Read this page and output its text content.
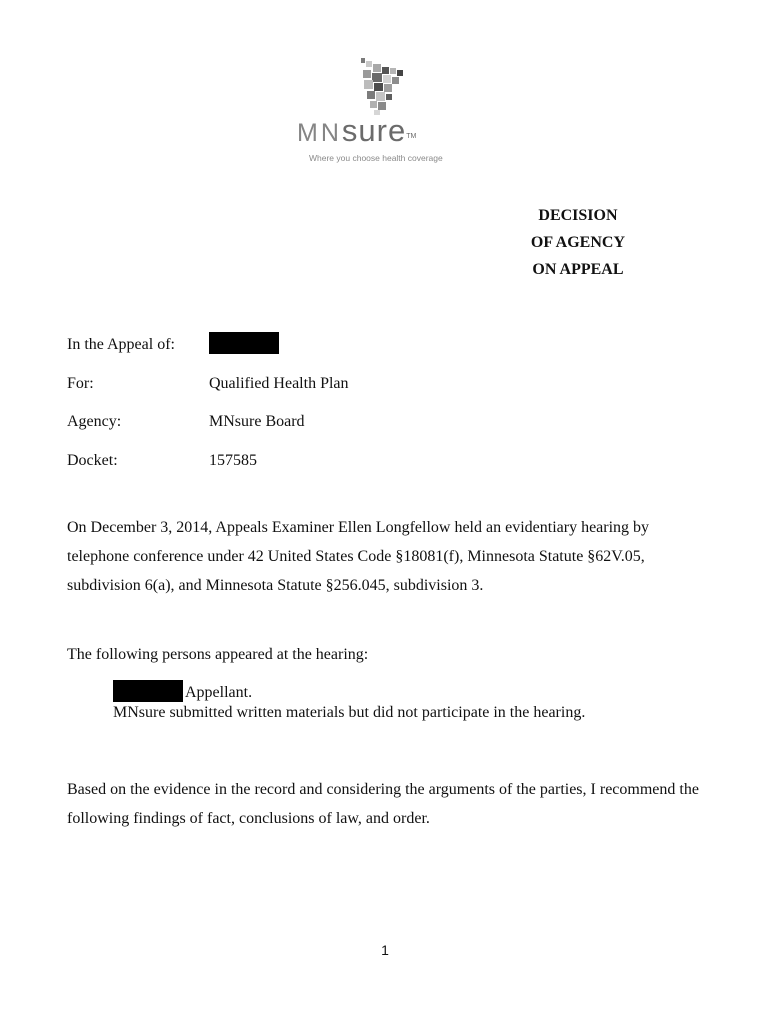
MNsure™
Where you choose health coverage
DECISION
OF AGENCY
ON APPEAL
In the Appeal of:
For:	Qualified Health Plan
Agency:	MNsure Board
Docket:	157585
On December 3, 2014, Appeals Examiner Ellen Longfellow held an evidentiary hearing by telephone conference under 42 United States Code §18081(f), Minnesota Statute §62V.05, subdivision 6(a), and Minnesota Statute §256.045, subdivision 3.
The following persons appeared at the hearing:
Appellant.
MNsure submitted written materials but did not participate in the hearing.
Based on the evidence in the record and considering the arguments of the parties, I recommend the following findings of fact, conclusions of law, and order.
1
